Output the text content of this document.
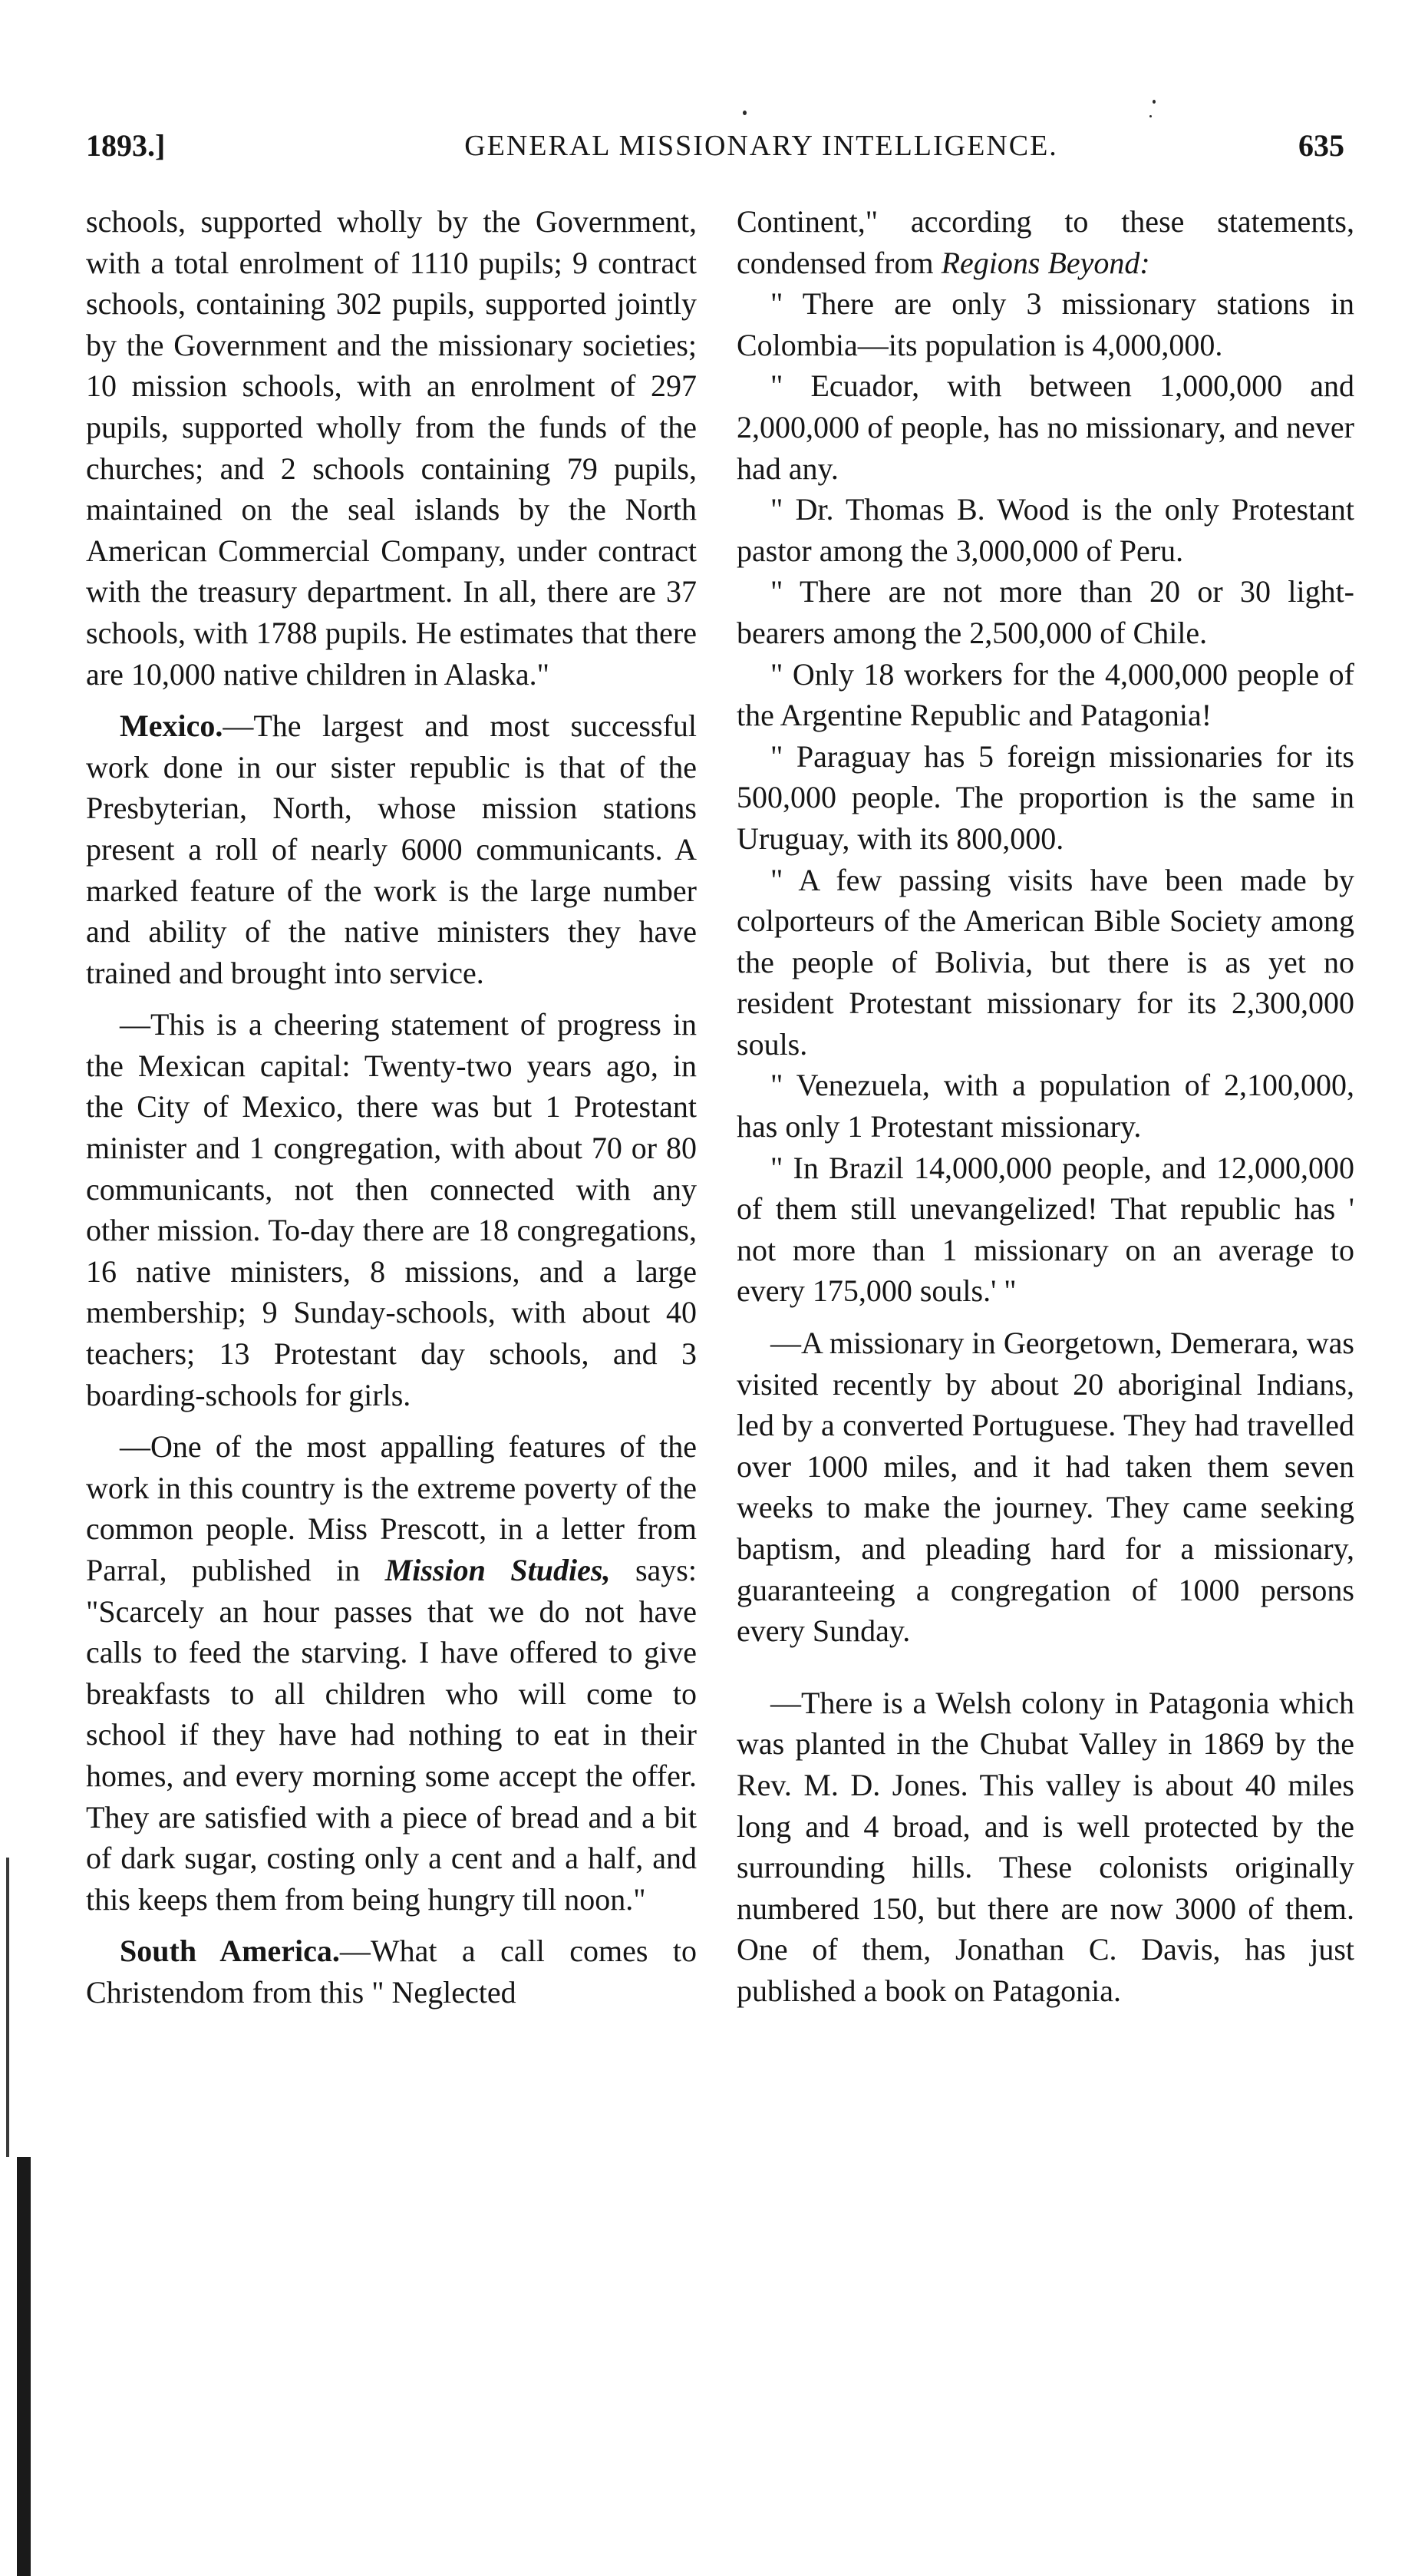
1893.]	GENERAL MISSIONARY INTELLIGENCE.	635

schools, supported wholly by the Government, with a total enrolment of 1110 pupils; 9 contract schools, containing 302 pupils, supported jointly by the Government and the missionary societies; 10 mission schools, with an enrolment of 297 pupils, supported wholly from the funds of the churches; and 2 schools containing 79 pupils, maintained on the seal islands by the North American Commercial Company, under contract with the treasury department. In all, there are 37 schools, with 1788 pupils. He estimates that there are 10,000 native children in Alaska."

Mexico.—The largest and most successful work done in our sister republic is that of the Presbyterian, North, whose mission stations present a roll of nearly 6000 communicants. A marked feature of the work is the large number and ability of the native ministers they have trained and brought into service.

—This is a cheering statement of progress in the Mexican capital: Twenty-two years ago, in the City of Mexico, there was but 1 Protestant minister and 1 congregation, with about 70 or 80 communicants, not then connected with any other mission. To-day there are 18 congregations, 16 native ministers, 8 missions, and a large membership; 9 Sunday-schools, with about 40 teachers; 13 Protestant day schools, and 3 boarding-schools for girls.

—One of the most appalling features of the work in this country is the extreme poverty of the common people. Miss Prescott, in a letter from Parral, published in Mission Studies, says: "Scarcely an hour passes that we do not have calls to feed the starving. I have offered to give breakfasts to all children who will come to school if they have had nothing to eat in their homes, and every morning some accept the offer. They are satisfied with a piece of bread and a bit of dark sugar, costing only a cent and a half, and this keeps them from being hungry till noon."

South America.—What a call comes to Christendom from this " Neglected

Continent," according to these statements, condensed from Regions Beyond:

" There are only 3 missionary stations in Colombia—its population is 4,000,000.

" Ecuador, with between 1,000,000 and 2,000,000 of people, has no missionary, and never had any.

" Dr. Thomas B. Wood is the only Protestant pastor among the 3,000,000 of Peru.

" There are not more than 20 or 30 light-bearers among the 2,500,000 of Chile.

" Only 18 workers for the 4,000,000 people of the Argentine Republic and Patagonia!

" Paraguay has 5 foreign missionaries for its 500,000 people. The proportion is the same in Uruguay, with its 800,000.

" A few passing visits have been made by colporteurs of the American Bible Society among the people of Bolivia, but there is as yet no resident Protestant missionary for its 2,300,000 souls.

" Venezuela, with a population of 2,100,000, has only 1 Protestant missionary.

" In Brazil 14,000,000 people, and 12,000,000 of them still unevangelized! That republic has ' not more than 1 missionary on an average to every 175,000 souls.' "

—A missionary in Georgetown, Demerara, was visited recently by about 20 aboriginal Indians, led by a converted Portuguese. They had travelled over 1000 miles, and it had taken them seven weeks to make the journey. They came seeking baptism, and pleading hard for a missionary, guaranteeing a congregation of 1000 persons every Sunday.

—There is a Welsh colony in Patagonia which was planted in the Chubat Valley in 1869 by the Rev. M. D. Jones. This valley is about 40 miles long and 4 broad, and is well protected by the surrounding hills. These colonists originally numbered 150, but there are now 3000 of them. One of them, Jonathan C. Davis, has just published a book on Patagonia.
